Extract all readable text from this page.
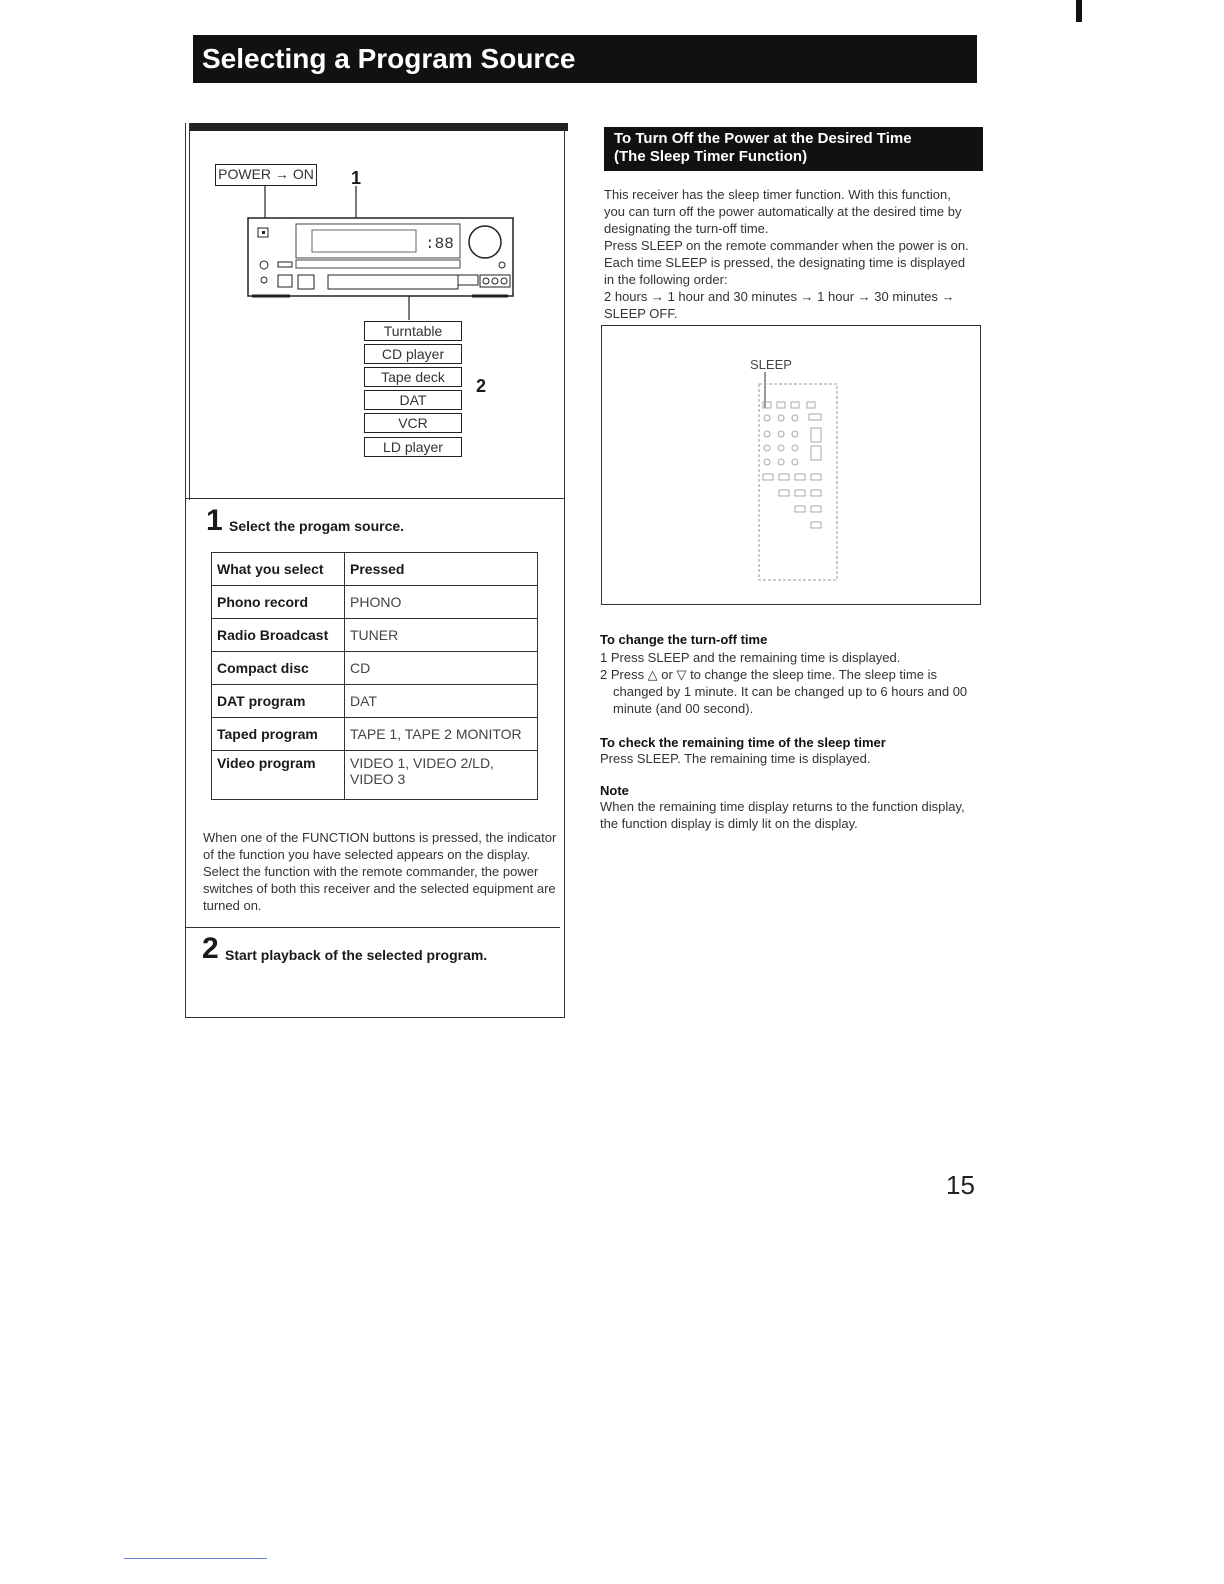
Selecting a Program Source
POWER → ON 1
2
:88
Turntable
CD player
Tape deck
DAT
VCR
LD player
1 Select the progam source.
What you select	Pressed
Phono record	PHONO
Radio Broadcast	TUNER
Compact disc	CD
DAT program	DAT
Taped program	TAPE 1, TAPE 2 MONITOR
Video program	VIDEO 1, VIDEO 2/LD, VIDEO 3
When one of the FUNCTION buttons is pressed, the indicator of the function you have selected appears on the display. Select the function with the remote commander, the power switches of both this receiver and the selected equipment are turned on.
2 Start playback of the selected program.
To Turn Off the Power at the Desired Time
(The Sleep Timer Function)
This receiver has the sleep timer function. With this function, you can turn off the power automatically at the desired time by designating the turn-off time.
Press SLEEP on the remote commander when the power is on. Each time SLEEP is pressed, the designating time is displayed in the following order:
2 hours → 1 hour and 30 minutes → 1 hour → 30 minutes → SLEEP OFF.
SLEEP
To change the turn-off time
1 Press SLEEP and the remaining time is displayed.
2 Press △ or ▽ to change the sleep time. The sleep time is changed by 1 minute. It can be changed up to 6 hours and 00 minute (and 00 second).
To check the remaining time of the sleep timer
Press SLEEP. The remaining time is displayed.
Note
When the remaining time display returns to the function display, the function display is dimly lit on the display.
15
